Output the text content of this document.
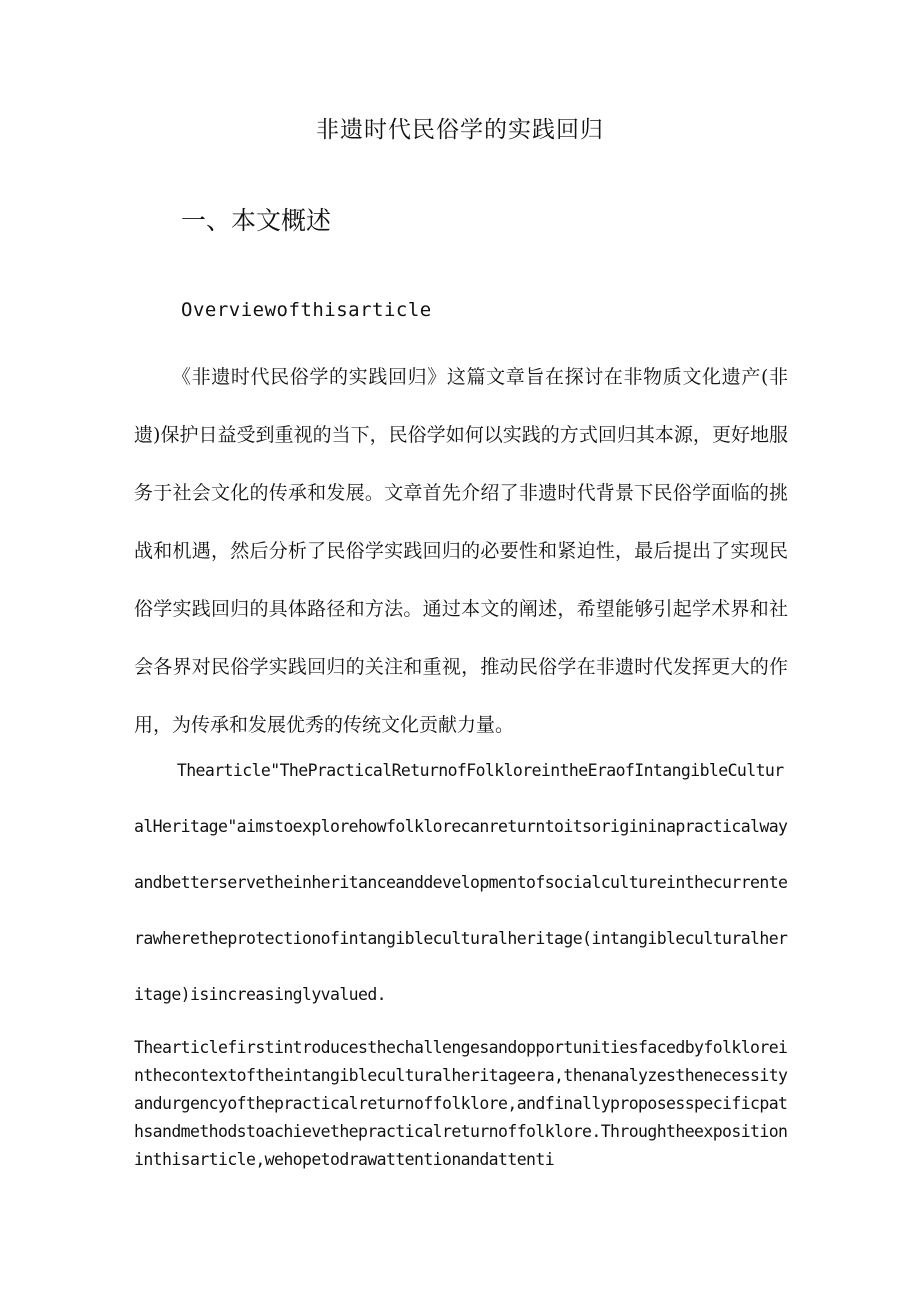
非遗时代民俗学的实践回归
一、本文概述
Overviewofthisarticle

《非遗时代民俗学的实践回归》这篇文章旨在探讨在非物质文化遗产(非遗)保护日益受到重视的当下，民俗学如何以实践的方式回归其本源，更好地服务于社会文化的传承和发展。文章首先介绍了非遗时代背景下民俗学面临的挑战和机遇，然后分析了民俗学实践回归的必要性和紧迫性，最后提出了实现民俗学实践回归的具体路径和方法。通过本文的阐述，希望能够引起学术界和社会各界对民俗学实践回归的关注和重视，推动民俗学在非遗时代发挥更大的作用，为传承和发展优秀的传统文化贡献力量。

Thearticle"ThePracticalReturnofFolkloreintheEraofIntangibleCulturalHeritage"aimstoexplorehowfolklorecanreturntoitsorigininapracticalwayandbetterservetheinheritanceanddevelopmentofsocialcultureinthecurrenterawheretheprotectionofintangibleculturalheritage(intangibleculturalheritage)isincreasinglyvalued.

Thearticlefirstintroducesthechallengesandopportunitiesfacedbyfolkloreinthecontextoftheintangibleculturalheritageera,thenanalyzesthenecessityandurgencyofthepracticalreturnoffolklore,andfinallyproposesspecificpathsandmethodstoachievethepracticalreturnoffolklore.Throughtheexpositioninthisarticle,wehopetodrawattentionandattenti
